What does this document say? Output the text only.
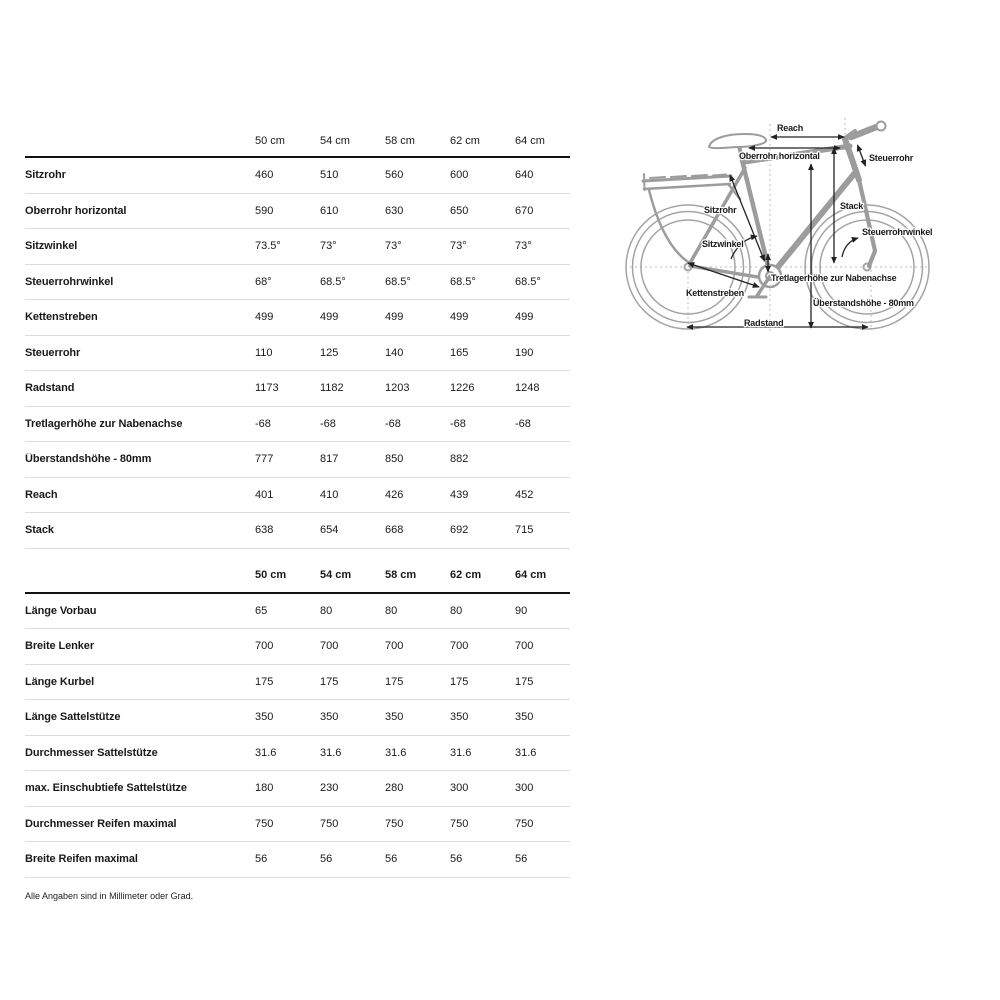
50 cm	54 cm	58 cm	62 cm	64 cm
Sitzrohr	460	510	560	600	640
Oberrohr horizontal	590	610	630	650	670
Sitzwinkel	73.5°	73°	73°	73°	73°
Steuerrohrwinkel	68°	68.5°	68.5°	68.5°	68.5°
Kettenstreben	499	499	499	499	499
Steuerrohr	110	125	140	165	190
Radstand	1173	1182	1203	1226	1248
Tretlagerhöhe zur Nabenachse	-68	-68	-68	-68	-68
Überstandshöhe - 80mm	777	817	850	882
Reach	401	410	426	439	452
Stack	638	654	668	692	715
50 cm	54 cm	58 cm	62 cm	64 cm
Länge Vorbau	65	80	80	80	90
Breite Lenker	700	700	700	700	700
Länge Kurbel	175	175	175	175	175
Länge Sattelstütze	350	350	350	350	350
Durchmesser Sattelstütze	31.6	31.6	31.6	31.6	31.6
max. Einschubtiefe Sattelstütze	180	230	280	300	300
Durchmesser Reifen maximal	750	750	750	750	750
Breite Reifen maximal	56	56	56	56	56
Alle Angaben sind in Millimeter oder Grad.
Reach
Oberrohr horizontal	Steuerrohr
Sitzrohr	Stack
Steuerrohrwinkel
Sitzwinkel
Tretlagerhöhe zur Nabenachse
Kettenstreben
Überstandshöhe - 80mm
Radstand
